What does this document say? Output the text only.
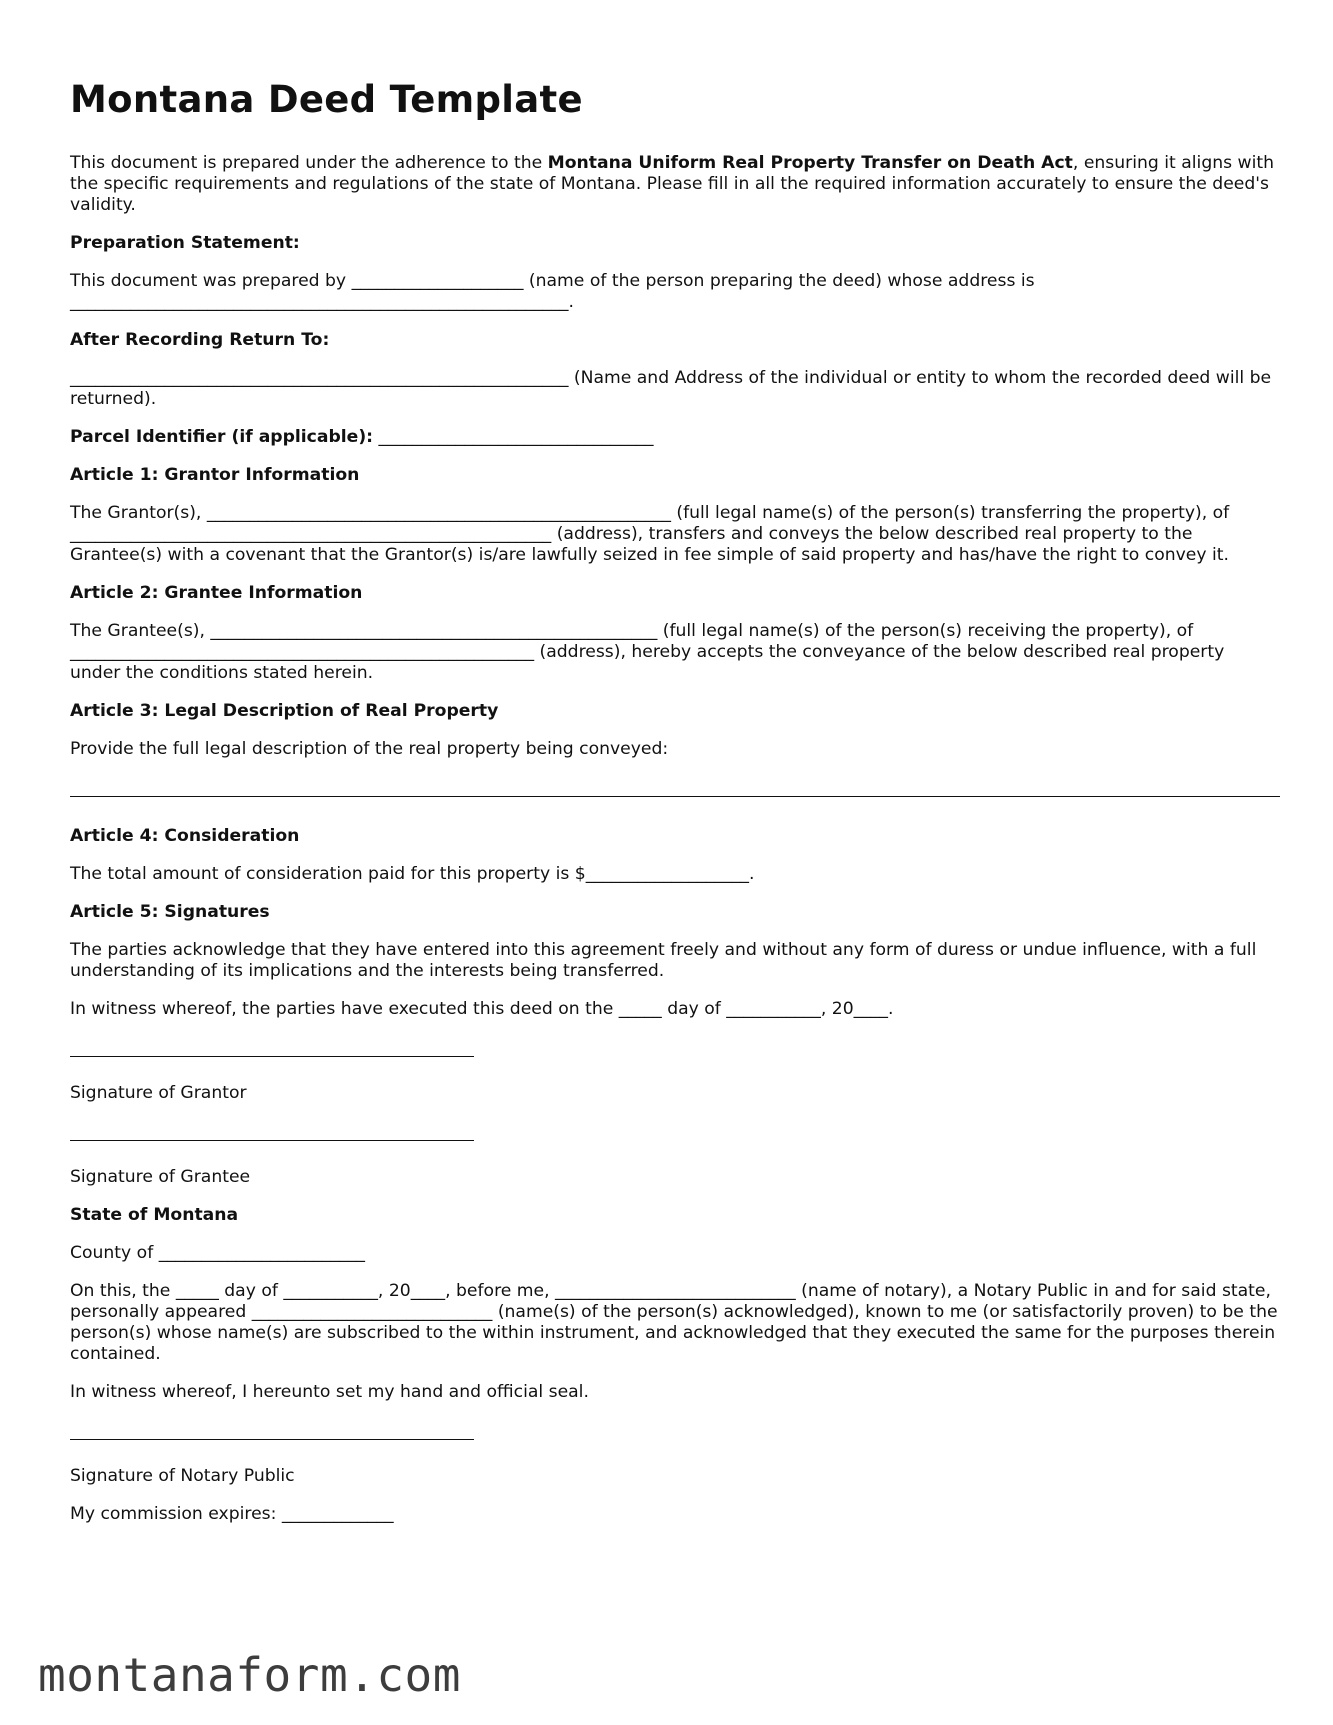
Montana Deed Template

This document is prepared under the adherence to the Montana Uniform Real Property Transfer on Death Act, ensuring it aligns with the specific requirements and regulations of the state of Montana. Please fill in all the required information accurately to ensure the deed's validity.

Preparation Statement:

This document was prepared by ____________________ (name of the person preparing the deed) whose address is __________________________________________________________.

After Recording Return To:

__________________________________________________________ (Name and Address of the individual or entity to whom the recorded deed will be returned).

Parcel Identifier (if applicable): ________________________________

Article 1: Grantor Information

The Grantor(s), ______________________________________________________ (full legal name(s) of the person(s) transferring the property), of ________________________________________________________ (address), transfers and conveys the below described real property to the Grantee(s) with a covenant that the Grantor(s) is/are lawfully seized in fee simple of said property and has/have the right to convey it.

Article 2: Grantee Information

The Grantee(s), ____________________________________________________ (full legal name(s) of the person(s) receiving the property), of ______________________________________________________ (address), hereby accepts the conveyance of the below described real property under the conditions stated herein.

Article 3: Legal Description of Real Property

Provide the full legal description of the real property being conveyed:

Article 4: Consideration

The total amount of consideration paid for this property is $___________________.

Article 5: Signatures

The parties acknowledge that they have entered into this agreement freely and without any form of duress or undue influence, with a full understanding of its implications and the interests being transferred.

In witness whereof, the parties have executed this deed on the _____ day of ___________, 20____.

Signature of Grantor

Signature of Grantee

State of Montana

County of ________________________

On this, the _____ day of ___________, 20____, before me, ____________________________ (name of notary), a Notary Public in and for said state, personally appeared ____________________________ (name(s) of the person(s) acknowledged), known to me (or satisfactorily proven) to be the person(s) whose name(s) are subscribed to the within instrument, and acknowledged that they executed the same for the purposes therein contained.

In witness whereof, I hereunto set my hand and official seal.

Signature of Notary Public

My commission expires: _____________

montanaform.com
